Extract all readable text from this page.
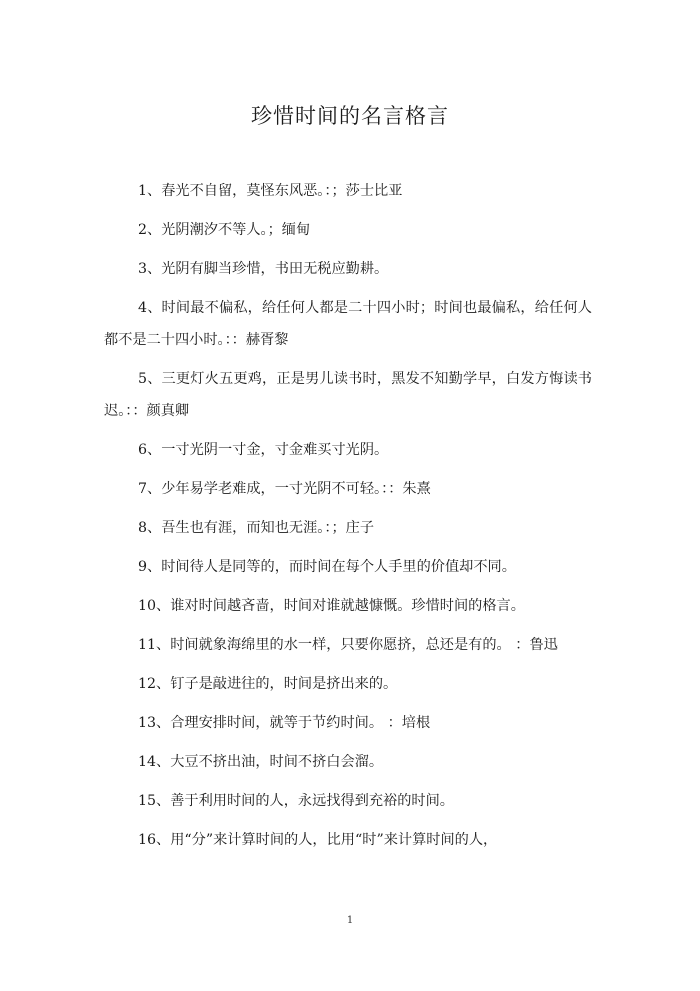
珍惜时间的名言格言
1、春光不自留，莫怪东风恶。：；莎士比亚
2、光阴潮汐不等人。；缅甸
3、光阴有脚当珍惜，书田无税应勤耕。
4、时间最不偏私，给任何人都是二十四小时；时间也最偏私，给任何人都不是二十四小时。：：赫胥黎
5、三更灯火五更鸡，正是男儿读书时，黑发不知勤学早，白发方悔读书迟。：：颜真卿
6、一寸光阴一寸金，寸金难买寸光阴。
7、少年易学老难成，一寸光阴不可轻。：：朱熹
8、吾生也有涯，而知也无涯。：；庄子
9、时间待人是同等的，而时间在每个人手里的价值却不同。
10、谁对时间越吝啬，时间对谁就越慷慨。珍惜时间的格言。
11、时间就象海绵里的水一样，只要你愿挤，总还是有的。 ：鲁迅
12、钉子是敲进往的，时间是挤出来的。
13、合理安排时间，就等于节约时间。 ：培根
14、大豆不挤出油，时间不挤白会溜。
15、善于利用时间的人，永远找得到充裕的时间。
16、用“分”来计算时间的人，比用“时”来计算时间的人，
1
